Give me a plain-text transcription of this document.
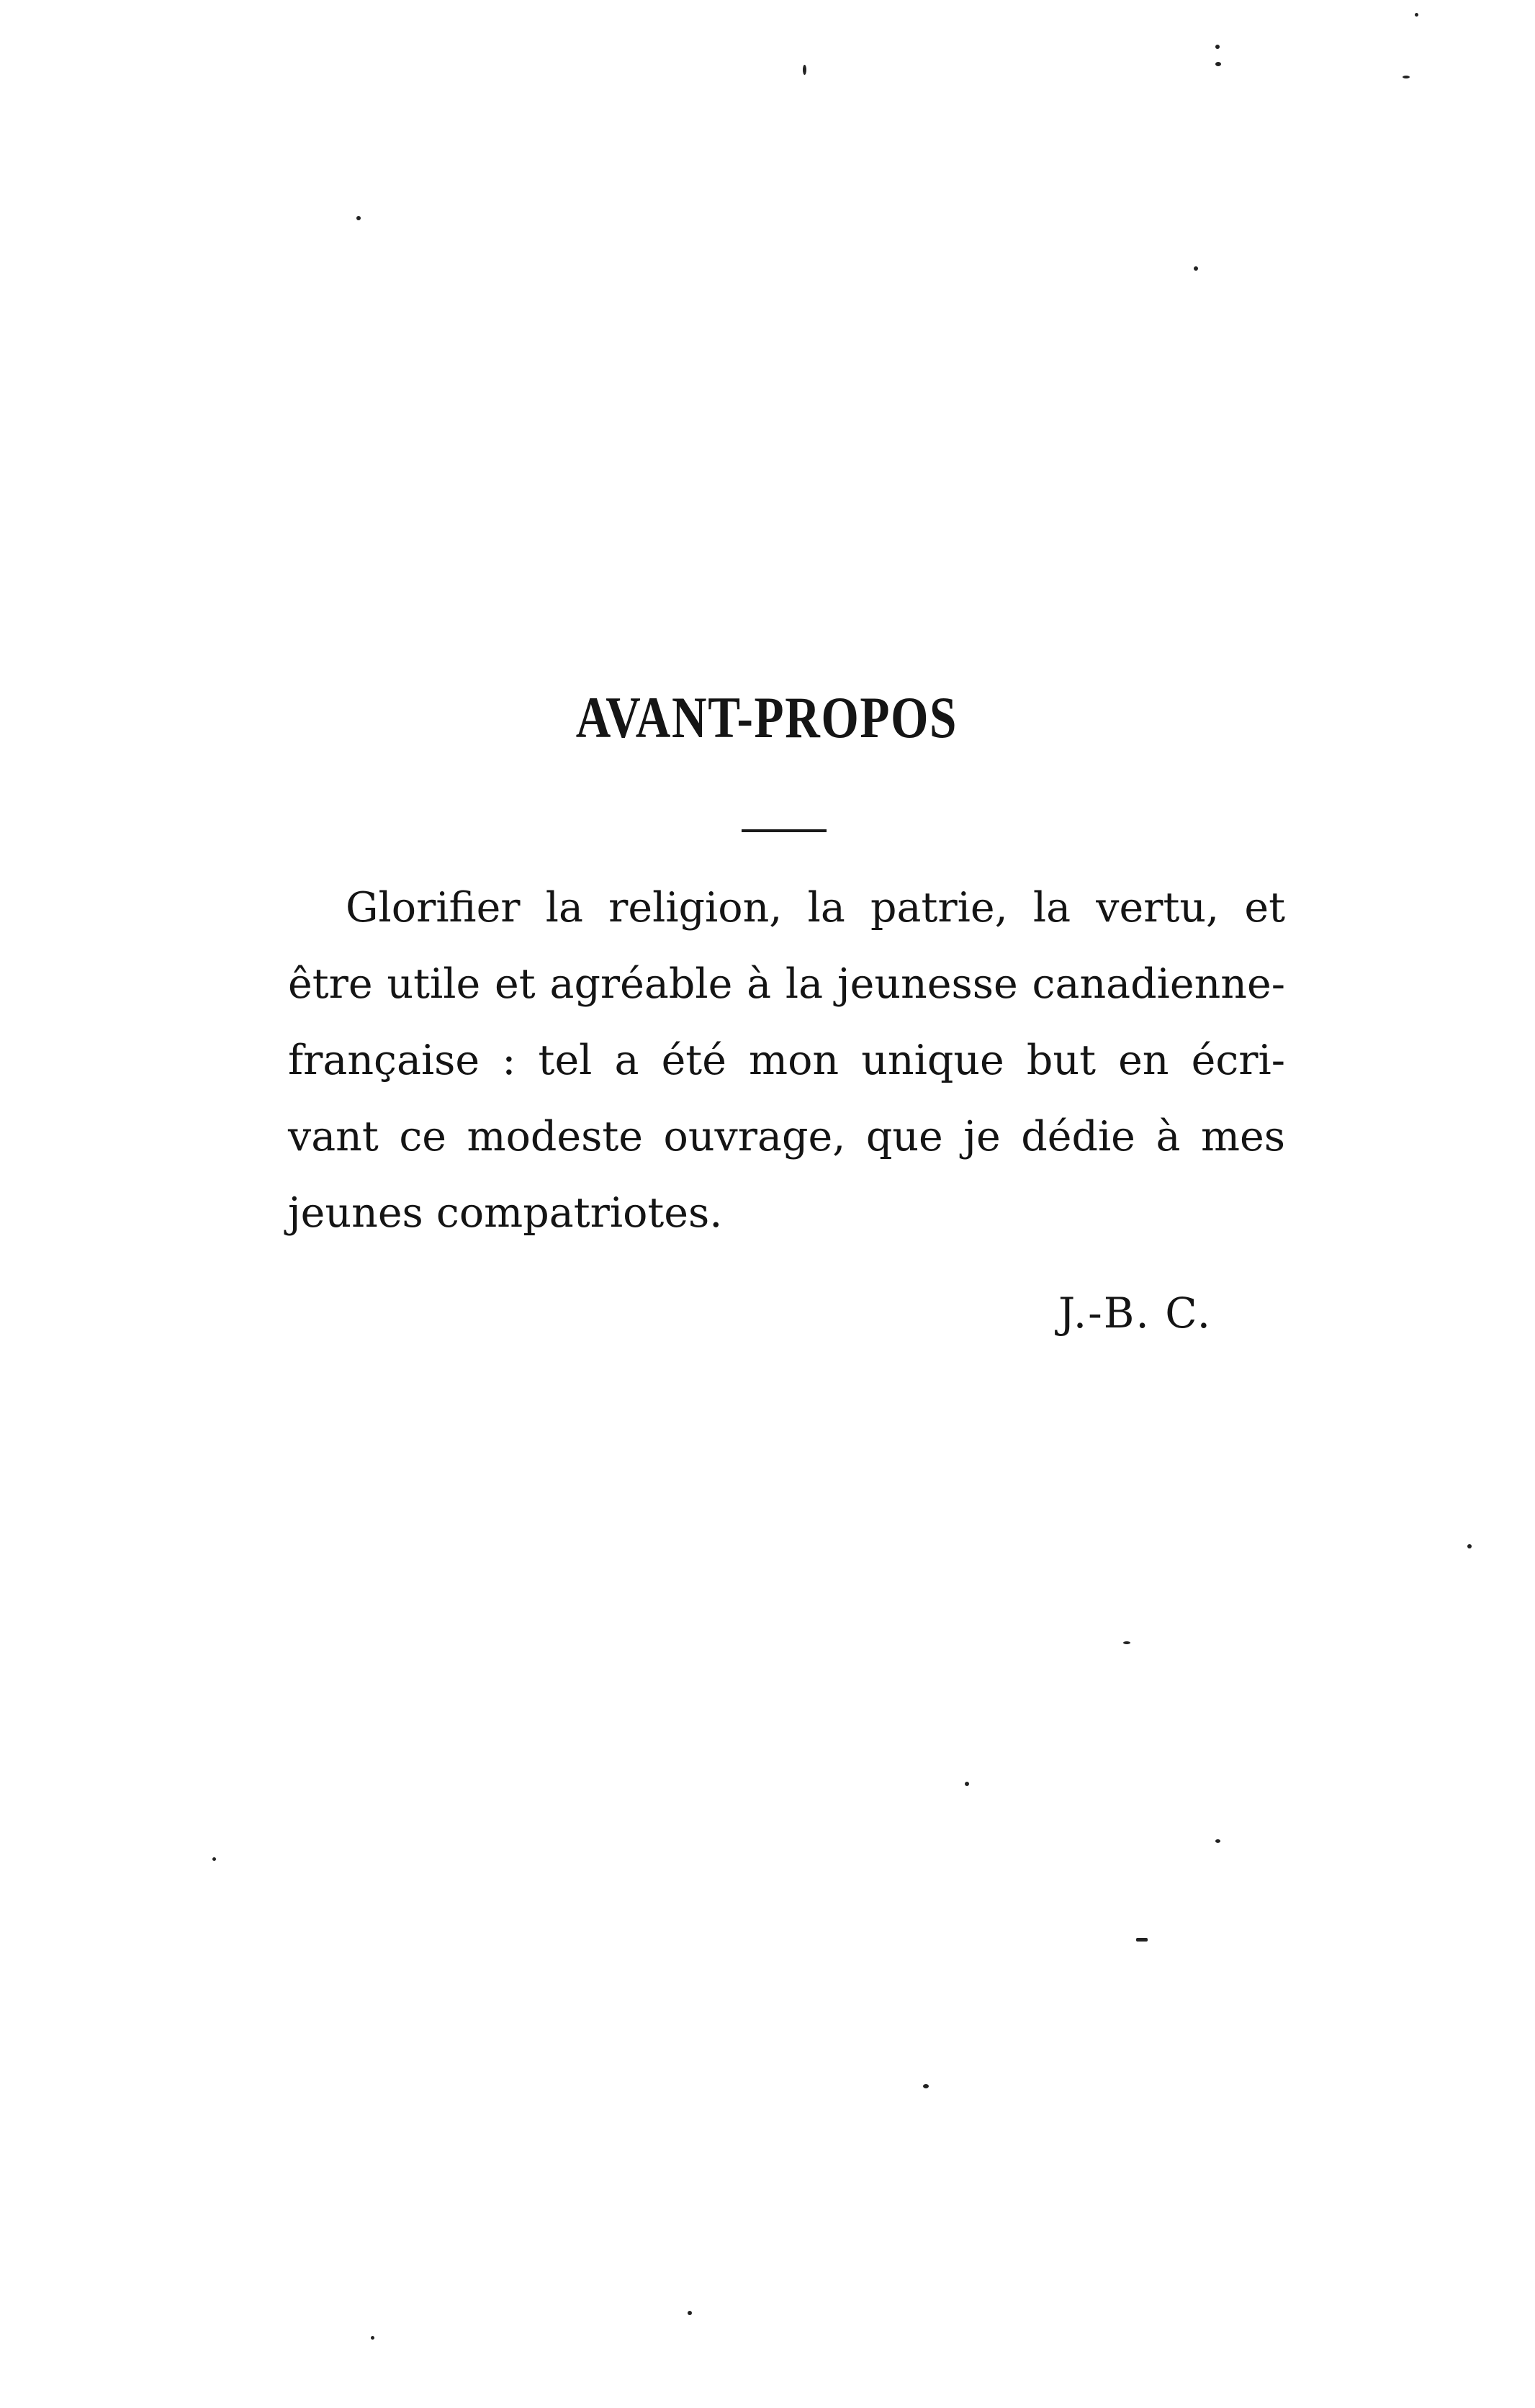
AVANT-PROPOS
Glorifier la religion, la patrie, la vertu, et
être utile et agréable à la jeunesse canadienne-
française : tel a été mon unique but en écri-
vant ce modeste ouvrage, que je dédie à mes
jeunes compatriotes.
J.-B. C.
